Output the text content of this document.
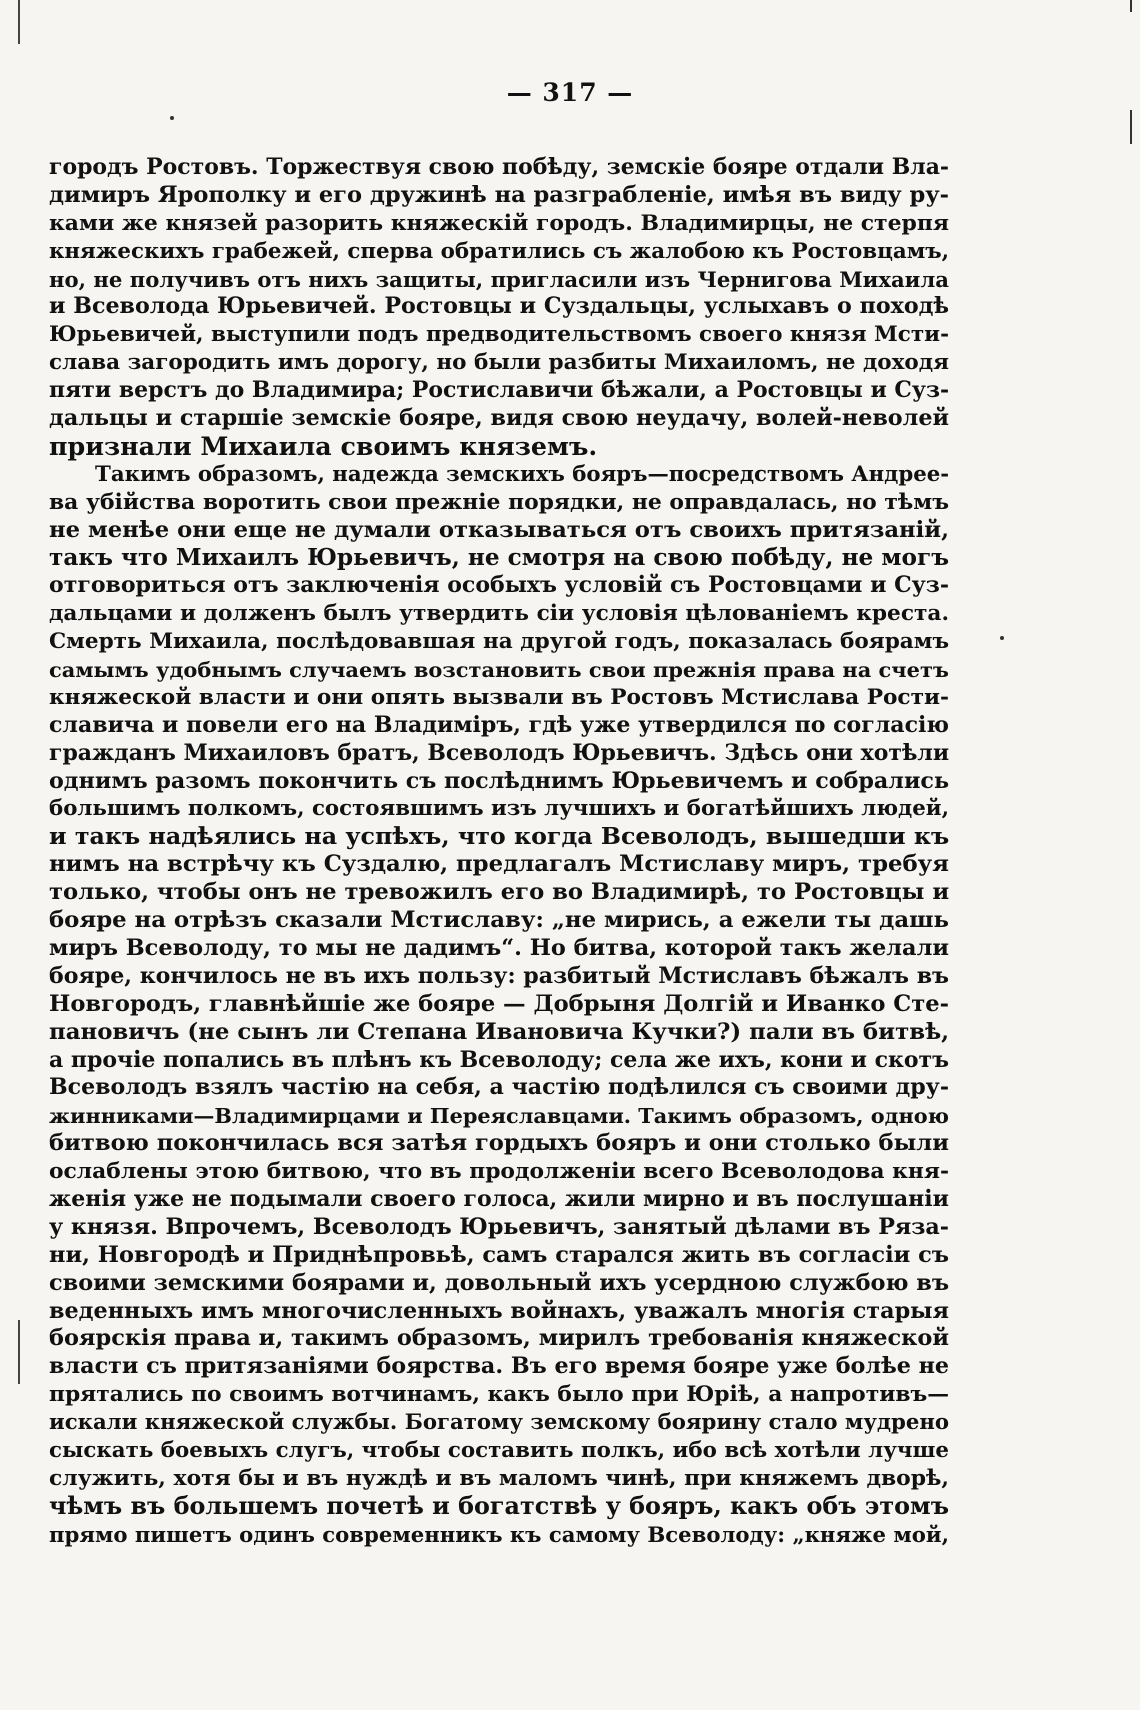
— 317 —
городъ Ростовъ. Торжествуя свою побѣду, земскіе бояре отдали Вла-
димиръ Ярополку и его дружинѣ на разграбленіе, имѣя въ виду ру-
ками же князей разорить княжескій городъ. Владимирцы, не стерпя
княжескихъ грабежей, сперва обратились съ жалобою къ Ростовцамъ,
но, не получивъ отъ нихъ защиты, пригласили изъ Чернигова Михаила
и Всеволода Юрьевичей. Ростовцы и Суздальцы, услыхавъ о походѣ
Юрьевичей, выступили подъ предводительствомъ своего князя Мсти-
слава загородить имъ дорогу, но были разбиты Михаиломъ, не доходя
пяти верстъ до Владимира; Ростиславичи бѣжали, а Ростовцы и Суз-
дальцы и старшіе земскіе бояре, видя свою неудачу, волей-неволей
признали Михаила своимъ княземъ.
Такимъ образомъ, надежда земскихъ бояръ—посредствомъ Андрее-
ва убійства воротить свои прежніе порядки, не оправдалась, но тѣмъ
не менѣе они еще не думали отказываться отъ своихъ притязаній,
такъ что Михаилъ Юрьевичъ, не смотря на свою побѣду, не могъ
отговориться отъ заключенія особыхъ условій съ Ростовцами и Суз-
дальцами и долженъ былъ утвердить сіи условія цѣлованіемъ креста.
Смерть Михаила, послѣдовавшая на другой годъ, показалась боярамъ
самымъ удобнымъ случаемъ возстановить свои прежнія права на счетъ
княжеской власти и они опять вызвали въ Ростовъ Мстислава Рости-
славича и повели его на Владиміръ, гдѣ уже утвердился по согласію
гражданъ Михаиловъ братъ, Всеволодъ Юрьевичъ. Здѣсь они хотѣли
однимъ разомъ покончить съ послѣднимъ Юрьевичемъ и собрались
большимъ полкомъ, состоявшимъ изъ лучшихъ и богатѣйшихъ людей,
и такъ надѣялись на успѣхъ, что когда Всеволодъ, вышедши къ
нимъ на встрѣчу къ Суздалю, предлагалъ Мстиславу миръ, требуя
только, чтобы онъ не тревожилъ его во Владимирѣ, то Ростовцы и
бояре на отрѣзъ сказали Мстиславу: „не мирись, а ежели ты дашь
миръ Всеволоду, то мы не дадимъ“. Но битва, которой такъ желали
бояре, кончилось не въ ихъ пользу: разбитый Мстиславъ бѣжалъ въ
Новгородъ, главнѣйшіе же бояре — Добрыня Долгій и Иванко Сте-
пановичъ (не сынъ ли Степана Ивановича Кучки?) пали въ битвѣ,
а прочіе попались въ плѣнъ къ Всеволоду; села же ихъ, кони и скотъ
Всеволодъ взялъ частію на себя, а частію подѣлился съ своими дру-
жинниками—Владимирцами и Переяславцами. Такимъ образомъ, одною
битвою покончилась вся затѣя гордыхъ бояръ и они столько были
ослаблены этою битвою, что въ продолженіи всего Всеволодова кня-
женія уже не подымали своего голоса, жили мирно и въ послушаніи
у князя. Впрочемъ, Всеволодъ Юрьевичъ, занятый дѣлами въ Ряза-
ни, Новгородѣ и Приднѣпровьѣ, самъ старался жить въ согласіи съ
своими земскими боярами и, довольный ихъ усердною службою въ
веденныхъ имъ многочисленныхъ войнахъ, уважалъ многія старыя
боярскія права и, такимъ образомъ, мирилъ требованія княжеской
власти съ притязаніями боярства. Въ его время бояре уже болѣе не
прятались по своимъ вотчинамъ, какъ было при Юріѣ, а напротивъ—
искали княжеской службы. Богатому земскому боярину стало мудрено
сыскать боевыхъ слугъ, чтобы составить полкъ, ибо всѣ хотѣли лучше
служить, хотя бы и въ нуждѣ и въ маломъ чинѣ, при княжемъ дворѣ,
чѣмъ въ большемъ почетѣ и богатствѣ у бояръ, какъ объ этомъ
прямо пишетъ одинъ современникъ къ самому Всеволоду: „княже мой,
